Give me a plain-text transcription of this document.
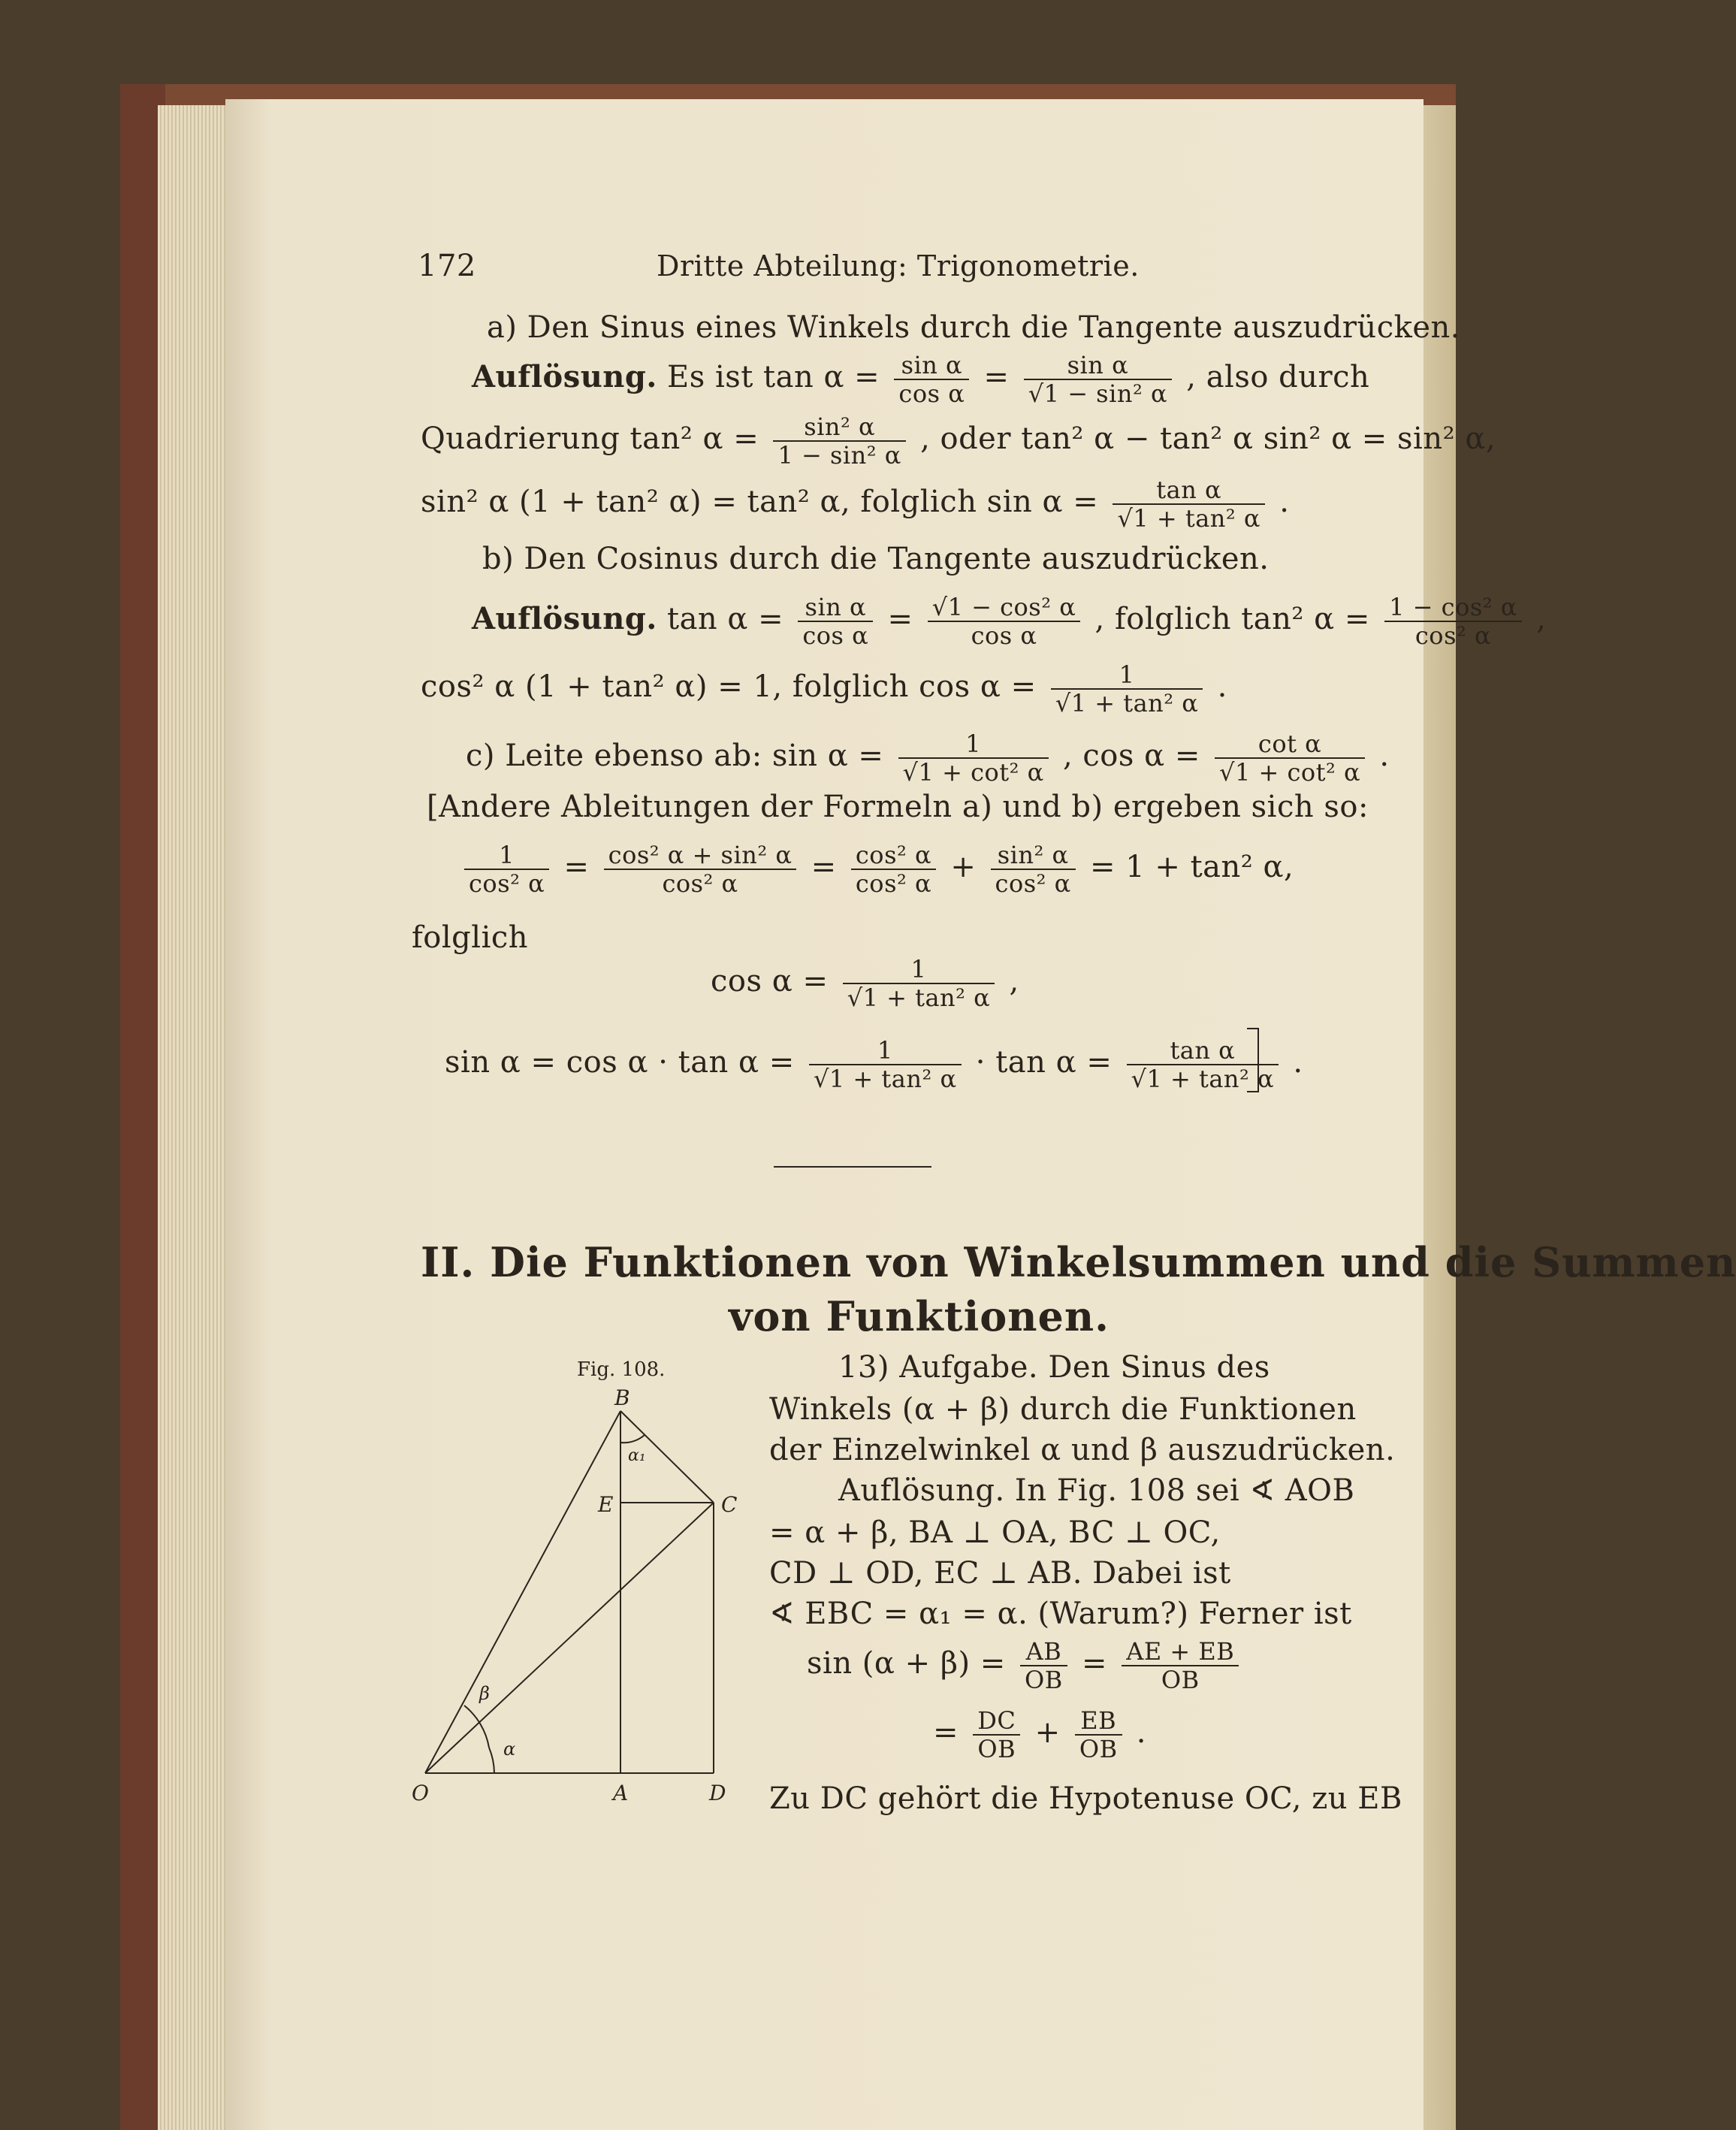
172	Dritte Abteilung: Trigonometrie.
a) Den Sinus eines Winkels durch die Tangente auszudrücken.
Auflösung. Es ist $\tan \alpha = \frac{\text{sin α}}{\text{cos α}} = \frac{\text{sin α}}{\text{√1 − sin² α}}$ , also durch
Quadrierung tan² $\alpha = \frac{\text{sin² α}}{\text{1 − sin² α}}$ , oder tan² α − tan² α sin² α = sin² α,
sin² α (1 + tan² α) = tan² α, folglich $\sin \alpha = \frac{\text{tan α}}{\text{√1 + tan² α}}$ .
b) Den Cosinus durch die Tangente auszudrücken.
Auflösung. $\tan \alpha = \frac{\text{sin α}}{\text{cos α}} = \frac{\text{√1 − cos² α}}{\text{cos α}}$ , folglich tan² $\alpha = \frac{\text{1 − cos² α}}{\text{cos² α}}$ ,
cos² α (1 + tan² α) = 1, folglich $\cos \alpha = \frac{1}{\text{√1 + tan² α}}$ .
c) Leite ebenso ab: $\sin \alpha = \frac{1}{\text{√1 + cot² α}}$ , $\cos \alpha = \frac{\text{cot α}}{\text{√1 + cot² α}}$ .
[Andere Ableitungen der Formeln a) und b) ergeben sich so:
$\frac{1}{\text{cos² α}} = \frac{\text{cos² α + sin² α}}{\text{cos² α}} = \frac{\text{cos² α}}{\text{cos² α}} + \frac{\text{sin² α}}{\text{cos² α}} = 1 + \tan^2$ α,
folglich
$\cos \alpha = \frac{1}{\text{√1 + tan² α}}$ ,
$\sin \alpha = \cos \alpha \cdot \tan \alpha = \frac{1}{\text{√1 + tan² α}} \cdot \tan \alpha = \frac{\text{tan α}}{\text{√1 + tan² α}}$ .
II. Die Funktionen von Winkelsummen und die Summen
von Funktionen.
Fig. 108.
B
E	C
O	A	D
α₁
β
α
13) Aufgabe. Den Sinus des
Winkels (α + β) durch die Funktionen
der Einzelwinkel α und β auszudrücken.
Auflösung. In Fig. 108 sei ∢ AOB
= α + β, BA ⊥ OA, BC ⊥ OC,
CD ⊥ OD, EC ⊥ AB. Dabei ist
∢ EBC = α₁ = α. (Warum?) Ferner ist
$\sin (\alpha + \beta) = \frac{AB}{OB} = \frac{AE + EB}{OB}$
= $\frac{DC}{OB} + \frac{EB}{OB}$ .
Zu DC gehört die Hypotenuse OC, zu EB
